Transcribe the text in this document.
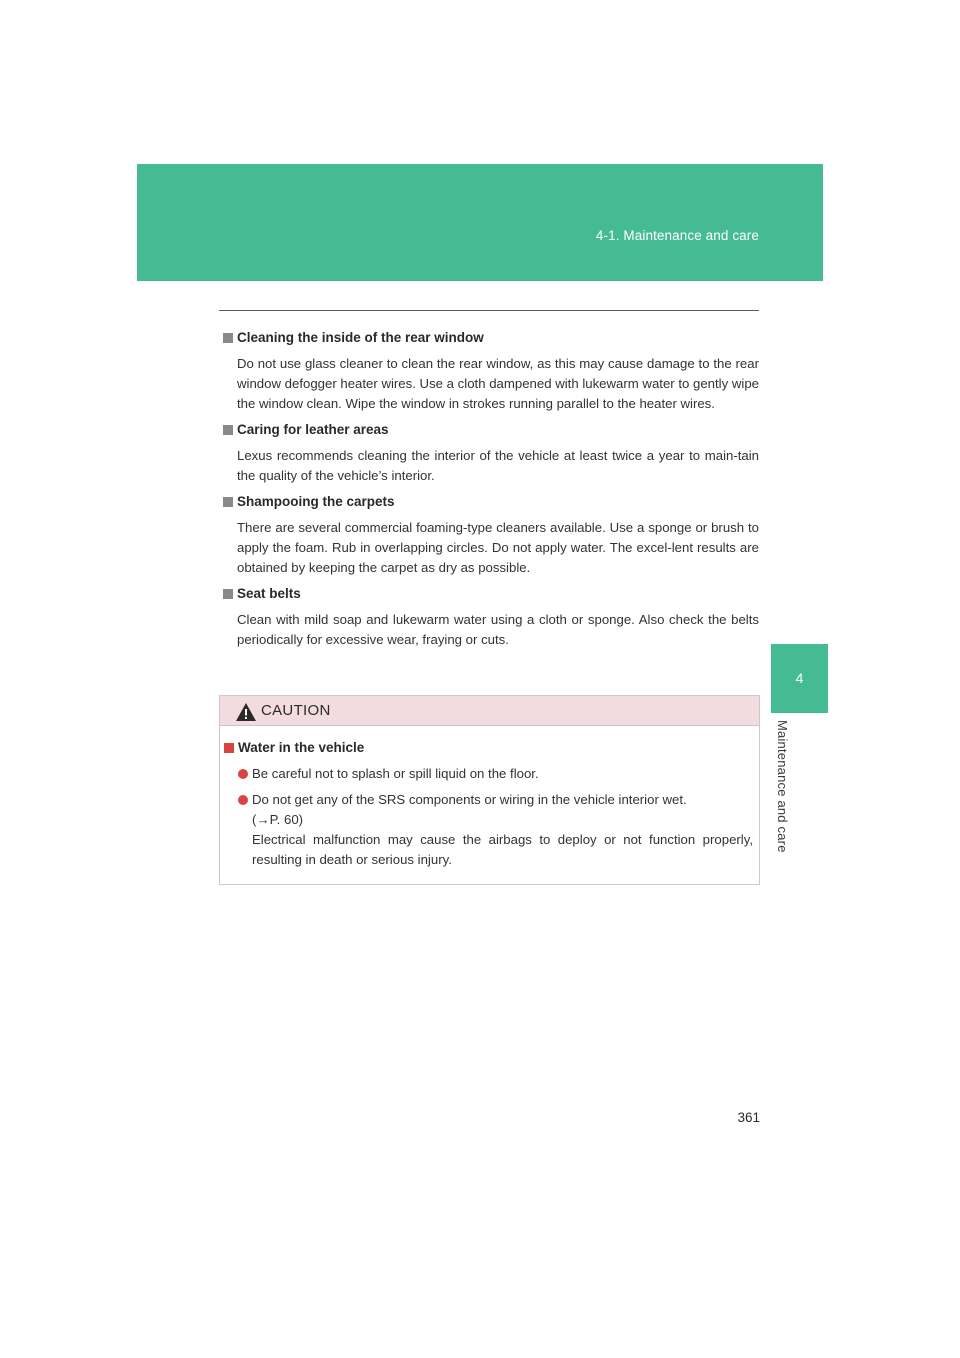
4-1. Maintenance and care
4
Maintenance and care
Cleaning the inside of the rear window

Do not use glass cleaner to clean the rear window, as this may cause damage to the rear window defogger heater wires. Use a cloth dampened with lukewarm water to gently wipe the window clean. Wipe the window in strokes running parallel to the heater wires.

Caring for leather areas

Lexus recommends cleaning the interior of the vehicle at least twice a year to main-tain the quality of the vehicle’s interior.

Shampooing the carpets

There are several commercial foaming-type cleaners available. Use a sponge or brush to apply the foam. Rub in overlapping circles. Do not apply water. The excel-lent results are obtained by keeping the carpet as dry as possible.

Seat belts

Clean with mild soap and lukewarm water using a cloth or sponge. Also check the belts periodically for excessive wear, fraying or cuts.

CAUTION
Water in the vehicle
Be careful not to splash or spill liquid on the floor.
Do not get any of the SRS components or wiring in the vehicle interior wet.
(→P. 60)
Electrical malfunction may cause the airbags to deploy or not function properly, resulting in death or serious injury.
361
